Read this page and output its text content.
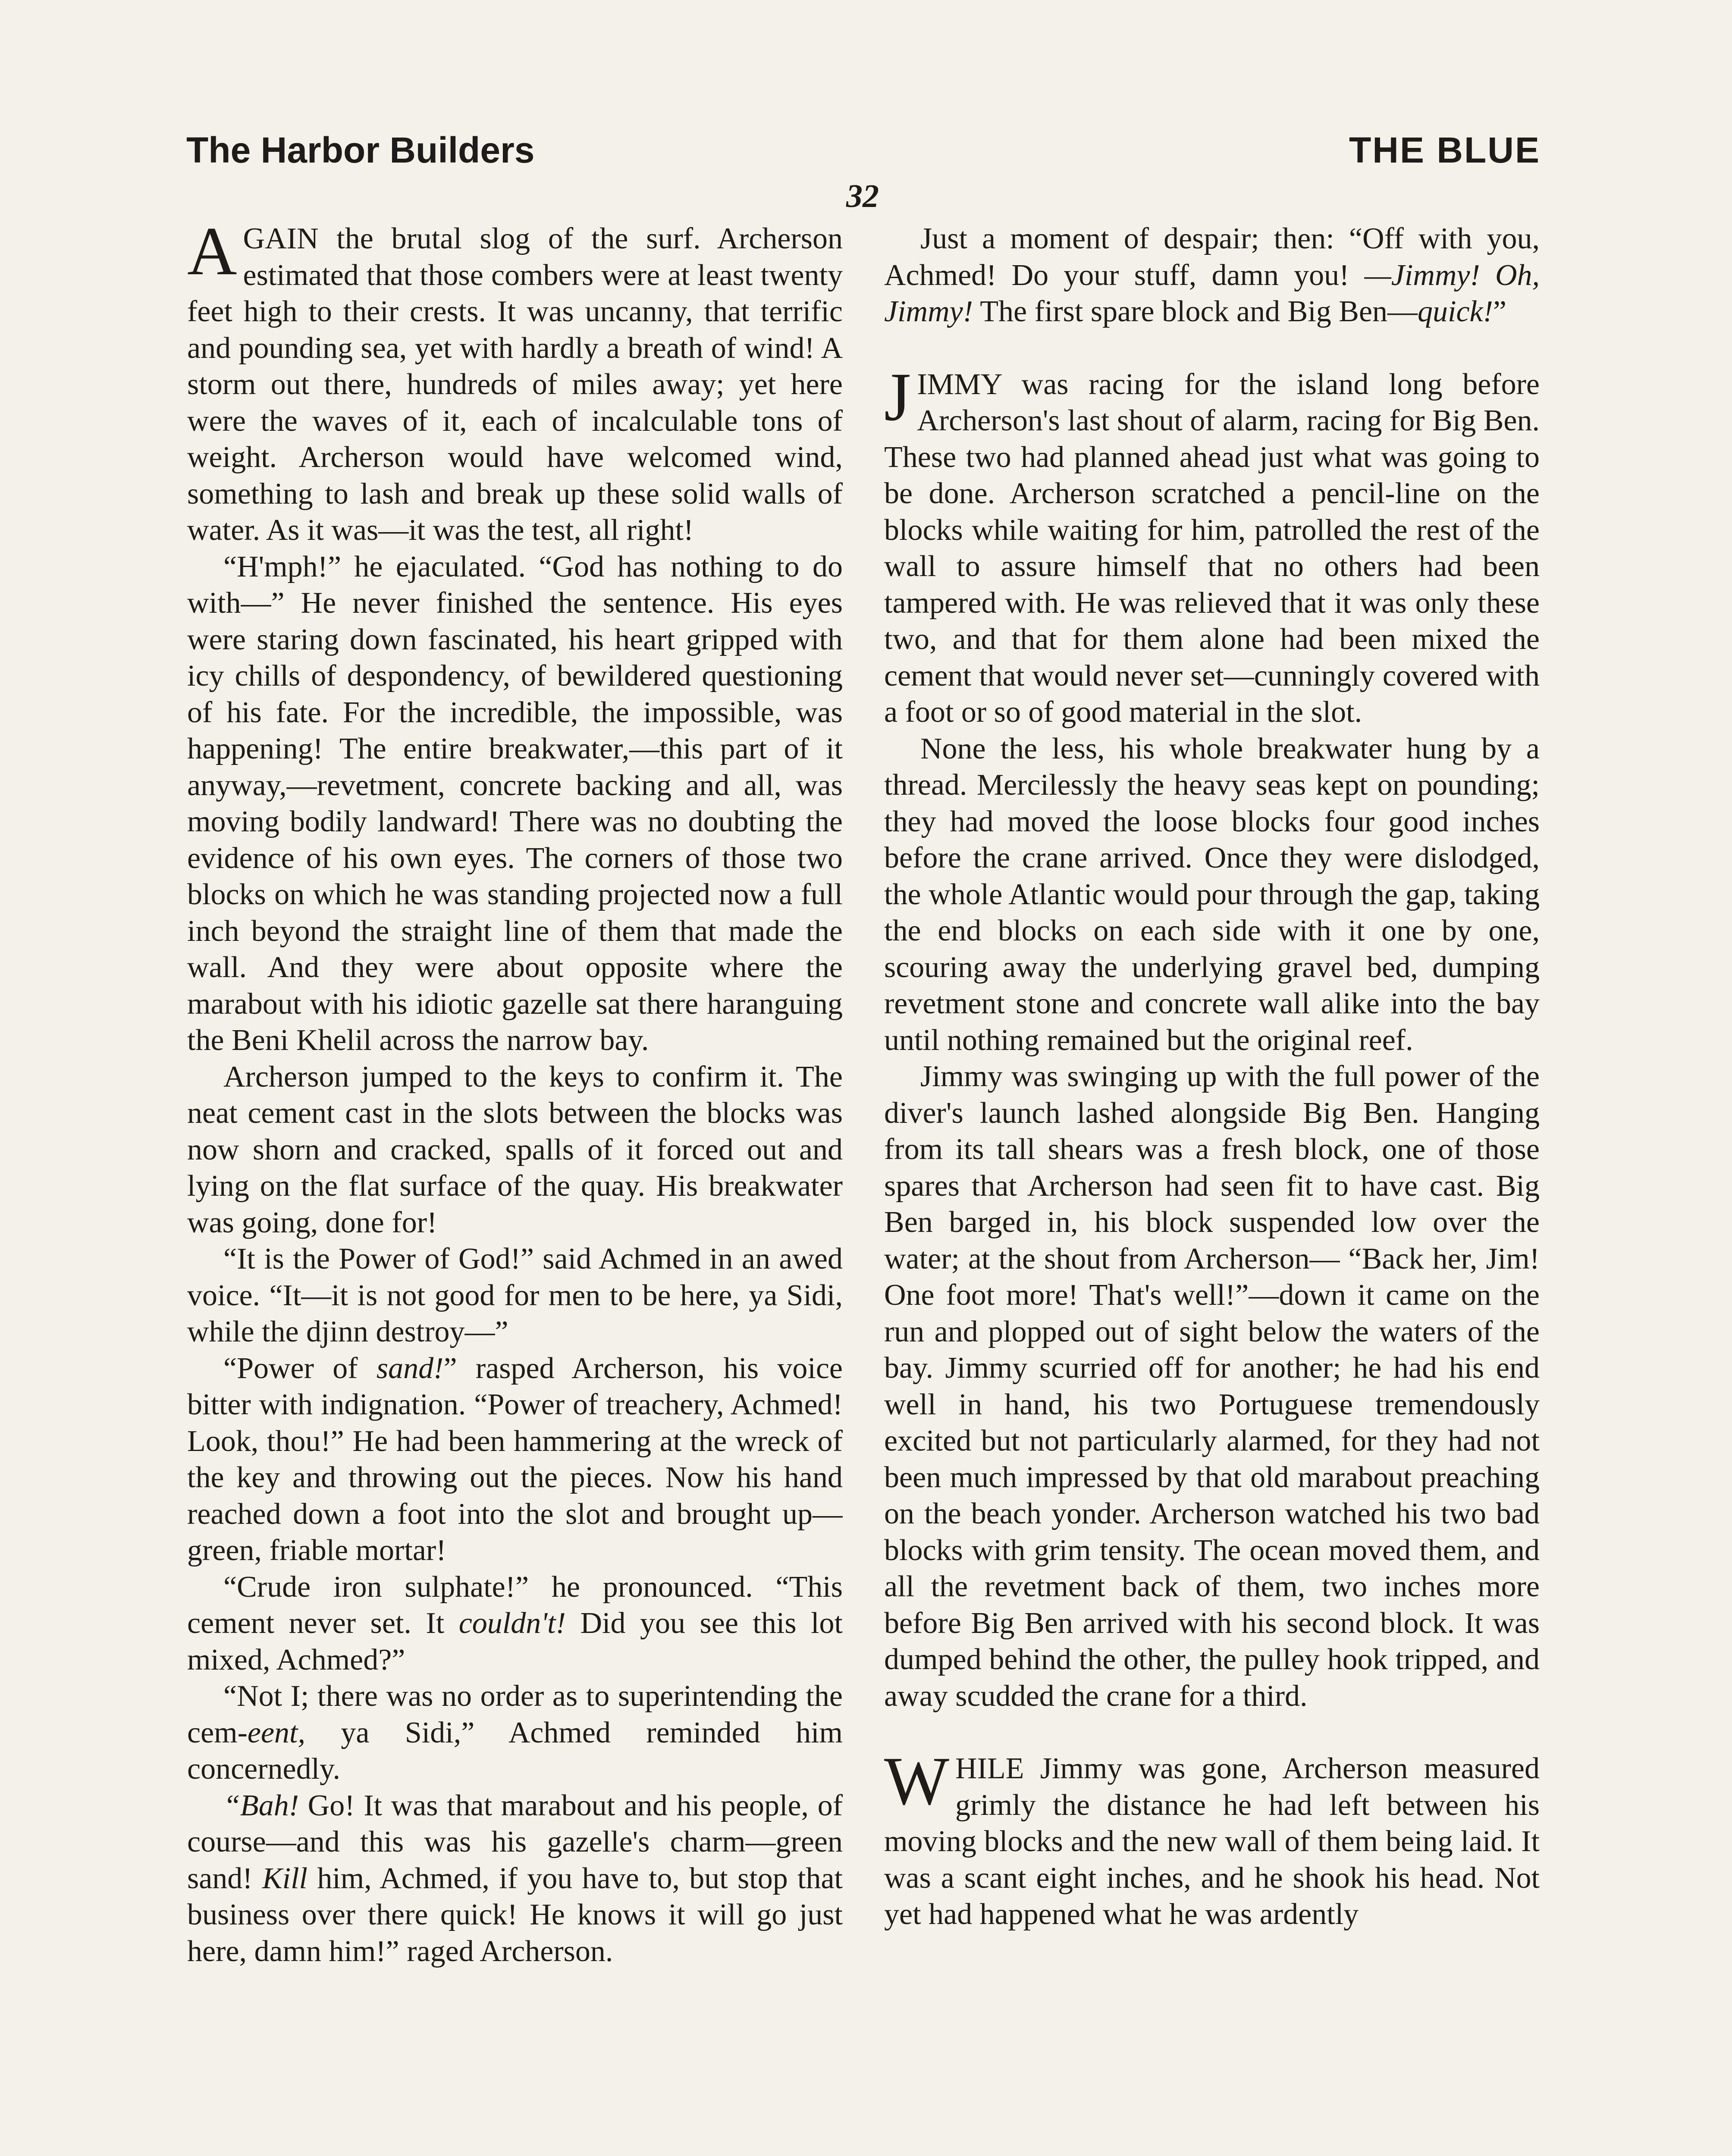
The Harbor Builders	THE BLUE
32

AGAIN the brutal slog of the surf. Archerson estimated that those combers were at least twenty feet high to their crests. It was uncanny, that terrific and pounding sea, yet with hardly a breath of wind! A storm out there, hundreds of miles away; yet here were the waves of it, each of incalculable tons of weight. Archerson would have welcomed wind, something to lash and break up these solid walls of water. As it was—it was the test, all right!

“H'mph!” he ejaculated. “God has nothing to do with—” He never finished the sentence. His eyes were staring down fascinated, his heart gripped with icy chills of despondency, of bewildered questioning of his fate. For the incredible, the impossible, was happening! The entire breakwater,—this part of it anyway,—revetment, concrete backing and all, was moving bodily landward! There was no doubting the evidence of his own eyes. The corners of those two blocks on which he was standing projected now a full inch beyond the straight line of them that made the wall. And they were about opposite where the marabout with his idiotic gazelle sat there haranguing the Beni Khelil across the narrow bay.

Archerson jumped to the keys to confirm it. The neat cement cast in the slots between the blocks was now shorn and cracked, spalls of it forced out and lying on the flat surface of the quay. His breakwater was going, done for!

“It is the Power of God!” said Achmed in an awed voice. “It—it is not good for men to be here, ya Sidi, while the djinn destroy—”

“Power of sand!” rasped Archerson, his voice bitter with indignation. “Power of treachery, Achmed! Look, thou!” He had been hammering at the wreck of the key and throwing out the pieces. Now his hand reached down a foot into the slot and brought up—green, friable mortar!

“Crude iron sulphate!” he pronounced. “This cement never set. It couldn't! Did you see this lot mixed, Achmed?”

“Not I; there was no order as to superintending the cem-eent, ya Sidi,” Achmed reminded him concernedly.

“Bah! Go! It was that marabout and his people, of course—and this was his gazelle's charm—green sand! Kill him, Achmed, if you have to, but stop that business over there quick! He knows it will go just here, damn him!” raged Archerson.

Just a moment of despair; then: “Off with you, Achmed! Do your stuff, damn you! —Jimmy! Oh, Jimmy! The first spare block and Big Ben—quick!”

JIMMY was racing for the island long before Archerson's last shout of alarm, racing for Big Ben. These two had planned ahead just what was going to be done. Archerson scratched a pencil-line on the blocks while waiting for him, patrolled the rest of the wall to assure himself that no others had been tampered with. He was relieved that it was only these two, and that for them alone had been mixed the cement that would never set—cunningly covered with a foot or so of good material in the slot.

None the less, his whole breakwater hung by a thread. Mercilessly the heavy seas kept on pounding; they had moved the loose blocks four good inches before the crane arrived. Once they were dislodged, the whole Atlantic would pour through the gap, taking the end blocks on each side with it one by one, scouring away the underlying gravel bed, dumping revetment stone and concrete wall alike into the bay until nothing remained but the original reef.

Jimmy was swinging up with the full power of the diver's launch lashed alongside Big Ben. Hanging from its tall shears was a fresh block, one of those spares that Archerson had seen fit to have cast. Big Ben barged in, his block suspended low over the water; at the shout from Archerson— “Back her, Jim! One foot more! That's well!”—down it came on the run and plopped out of sight below the waters of the bay. Jimmy scurried off for another; he had his end well in hand, his two Portuguese tremendously excited but not particularly alarmed, for they had not been much impressed by that old marabout preaching on the beach yonder. Archerson watched his two bad blocks with grim tensity. The ocean moved them, and all the revetment back of them, two inches more before Big Ben arrived with his second block. It was dumped behind the other, the pulley hook tripped, and away scudded the crane for a third.

WHILE Jimmy was gone, Archerson measured grimly the distance he had left between his moving blocks and the new wall of them being laid. It was a scant eight inches, and he shook his head. Not yet had happened what he was ardently
